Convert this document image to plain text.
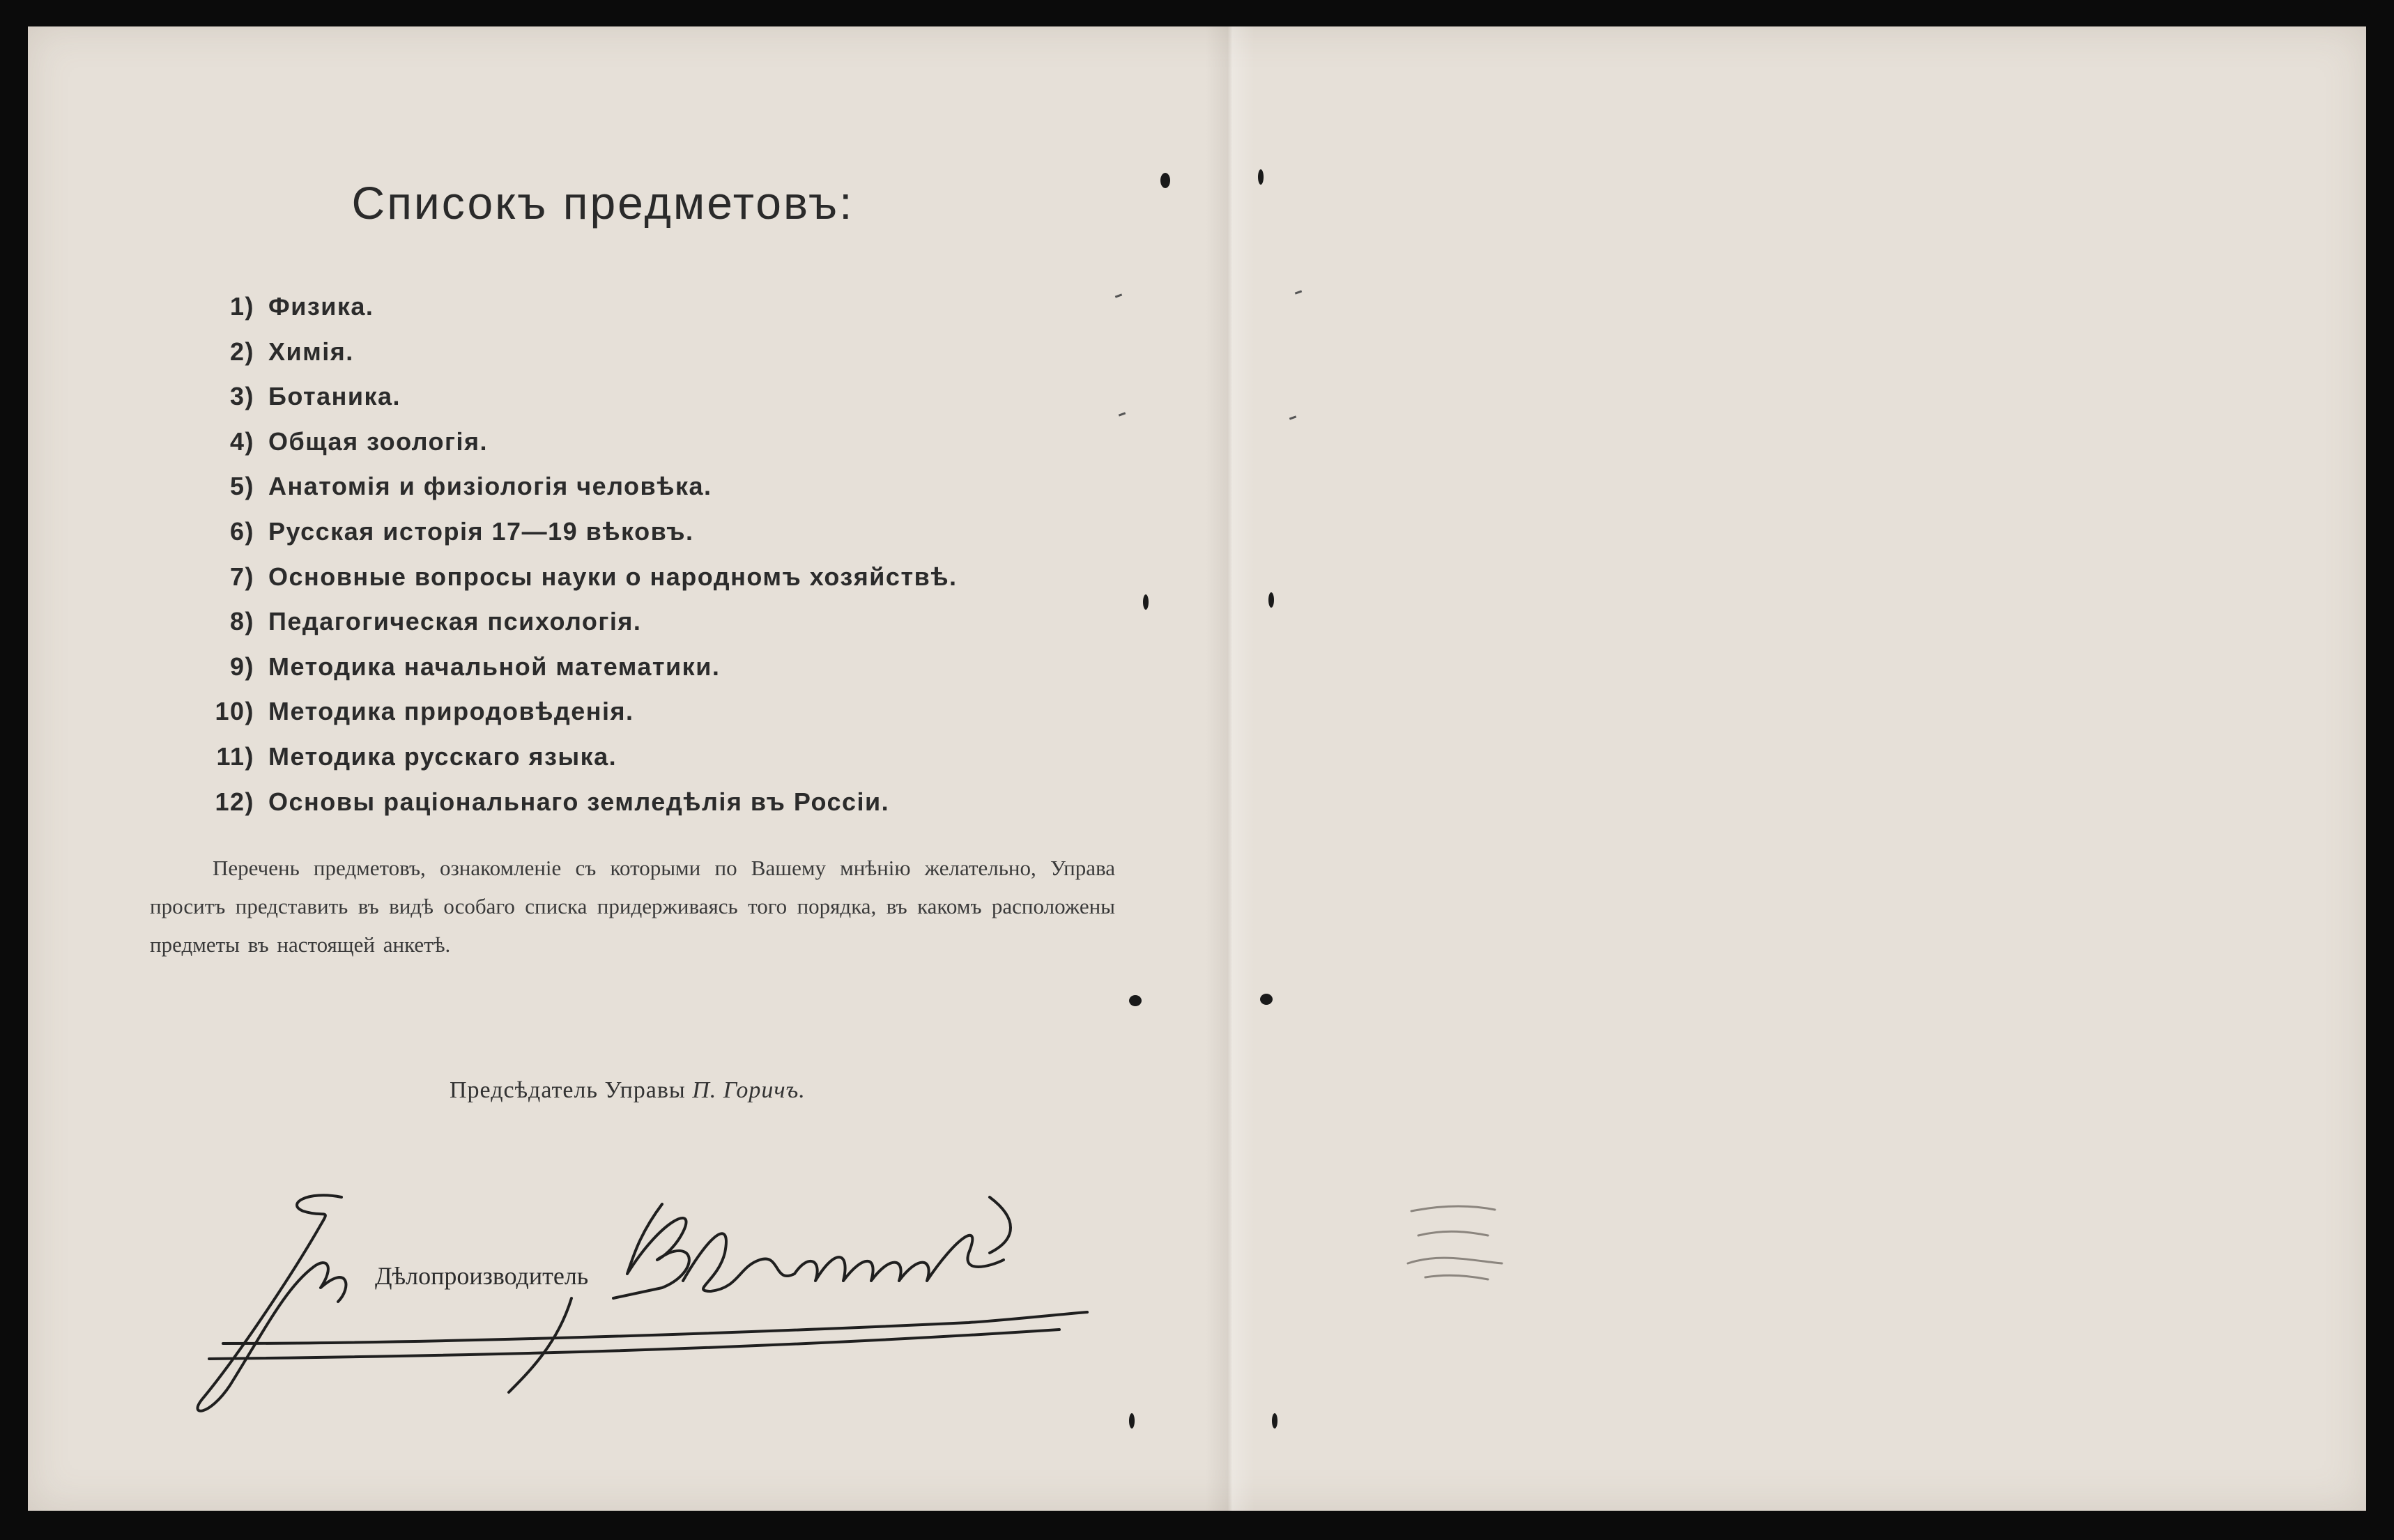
Списокъ предметовъ:
1) Физика.
2) Химія.
3) Ботаника.
4) Общая зоологія.
5) Анатомія и физіологія человѣка.
6) Русская исторія 17—19 вѣковъ.
7) Основные вопросы науки о народномъ хозяйствѣ.
8) Педагогическая психологія.
9) Методика начальной математики.
10) Методика природовѣденія.
11) Методика русскаго языка.
12) Основы раціональнаго земледѣлія въ Россіи.

Перечень предметовъ, ознакомленіе съ которыми по Вашему мнѣнію желательно, Управа проситъ представить въ видѣ особаго списка придерживаясь того порядка, въ какомъ расположены предметы въ настоящей анкетѣ.

Предсѣдатель Управы П. Горичъ.
Дѣлопроизводитель
